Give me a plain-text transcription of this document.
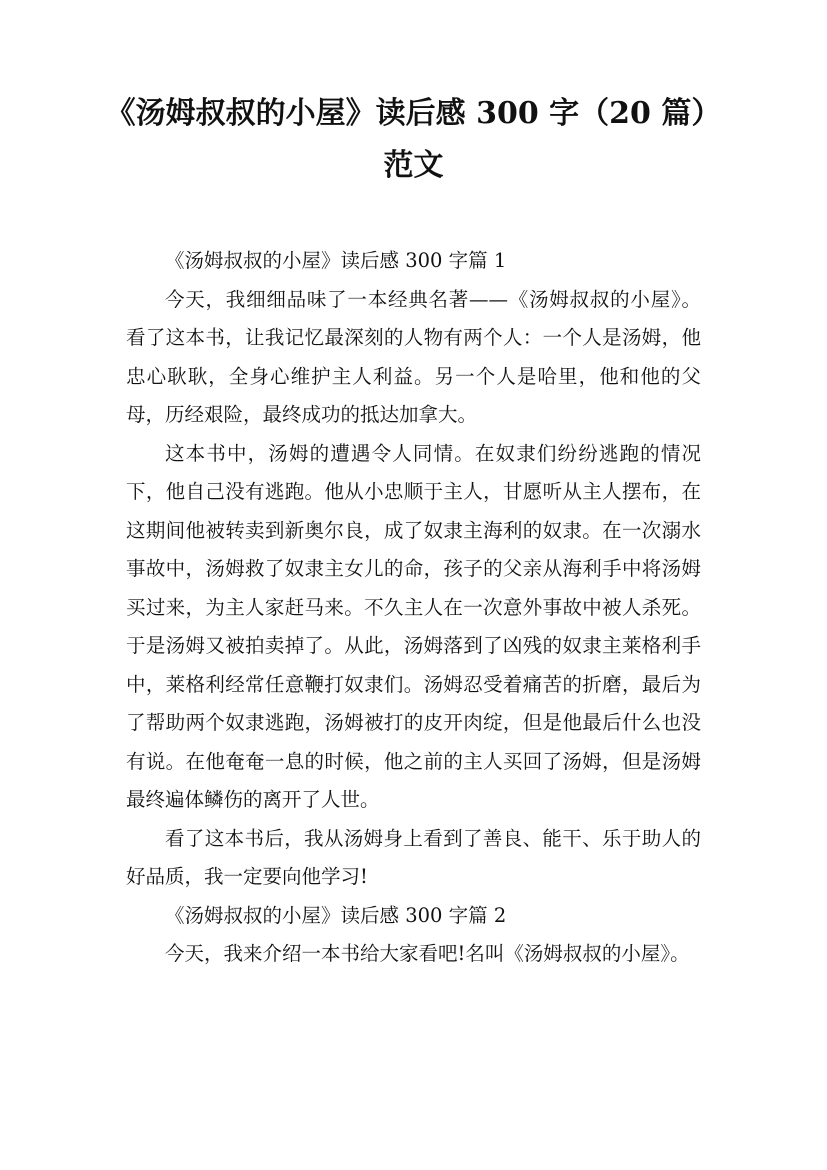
《汤姆叔叔的小屋》读后感 300 字（20 篇）
范文

《汤姆叔叔的小屋》读后感 300 字篇 1

今天，我细细品味了一本经典名著——《汤姆叔叔的小屋》。看了这本书，让我记忆最深刻的人物有两个人：一个人是汤姆，他忠心耿耿，全身心维护主人利益。另一个人是哈里，他和他的父母，历经艰险，最终成功的抵达加拿大。

这本书中，汤姆的遭遇令人同情。在奴隶们纷纷逃跑的情况下，他自己没有逃跑。他从小忠顺于主人，甘愿听从主人摆布，在这期间他被转卖到新奥尔良，成了奴隶主海利的奴隶。在一次溺水事故中，汤姆救了奴隶主女儿的命，孩子的父亲从海利手中将汤姆买过来，为主人家赶马来。不久主人在一次意外事故中被人杀死。于是汤姆又被拍卖掉了。从此，汤姆落到了凶残的奴隶主莱格利手中，莱格利经常任意鞭打奴隶们。汤姆忍受着痛苦的折磨，最后为了帮助两个奴隶逃跑，汤姆被打的皮开肉绽，但是他最后什么也没有说。在他奄奄一息的时候，他之前的主人买回了汤姆，但是汤姆最终遍体鳞伤的离开了人世。

看了这本书后，我从汤姆身上看到了善良、能干、乐于助人的好品质，我一定要向他学习!

《汤姆叔叔的小屋》读后感 300 字篇 2

今天，我来介绍一本书给大家看吧!名叫《汤姆叔叔的小屋》。
